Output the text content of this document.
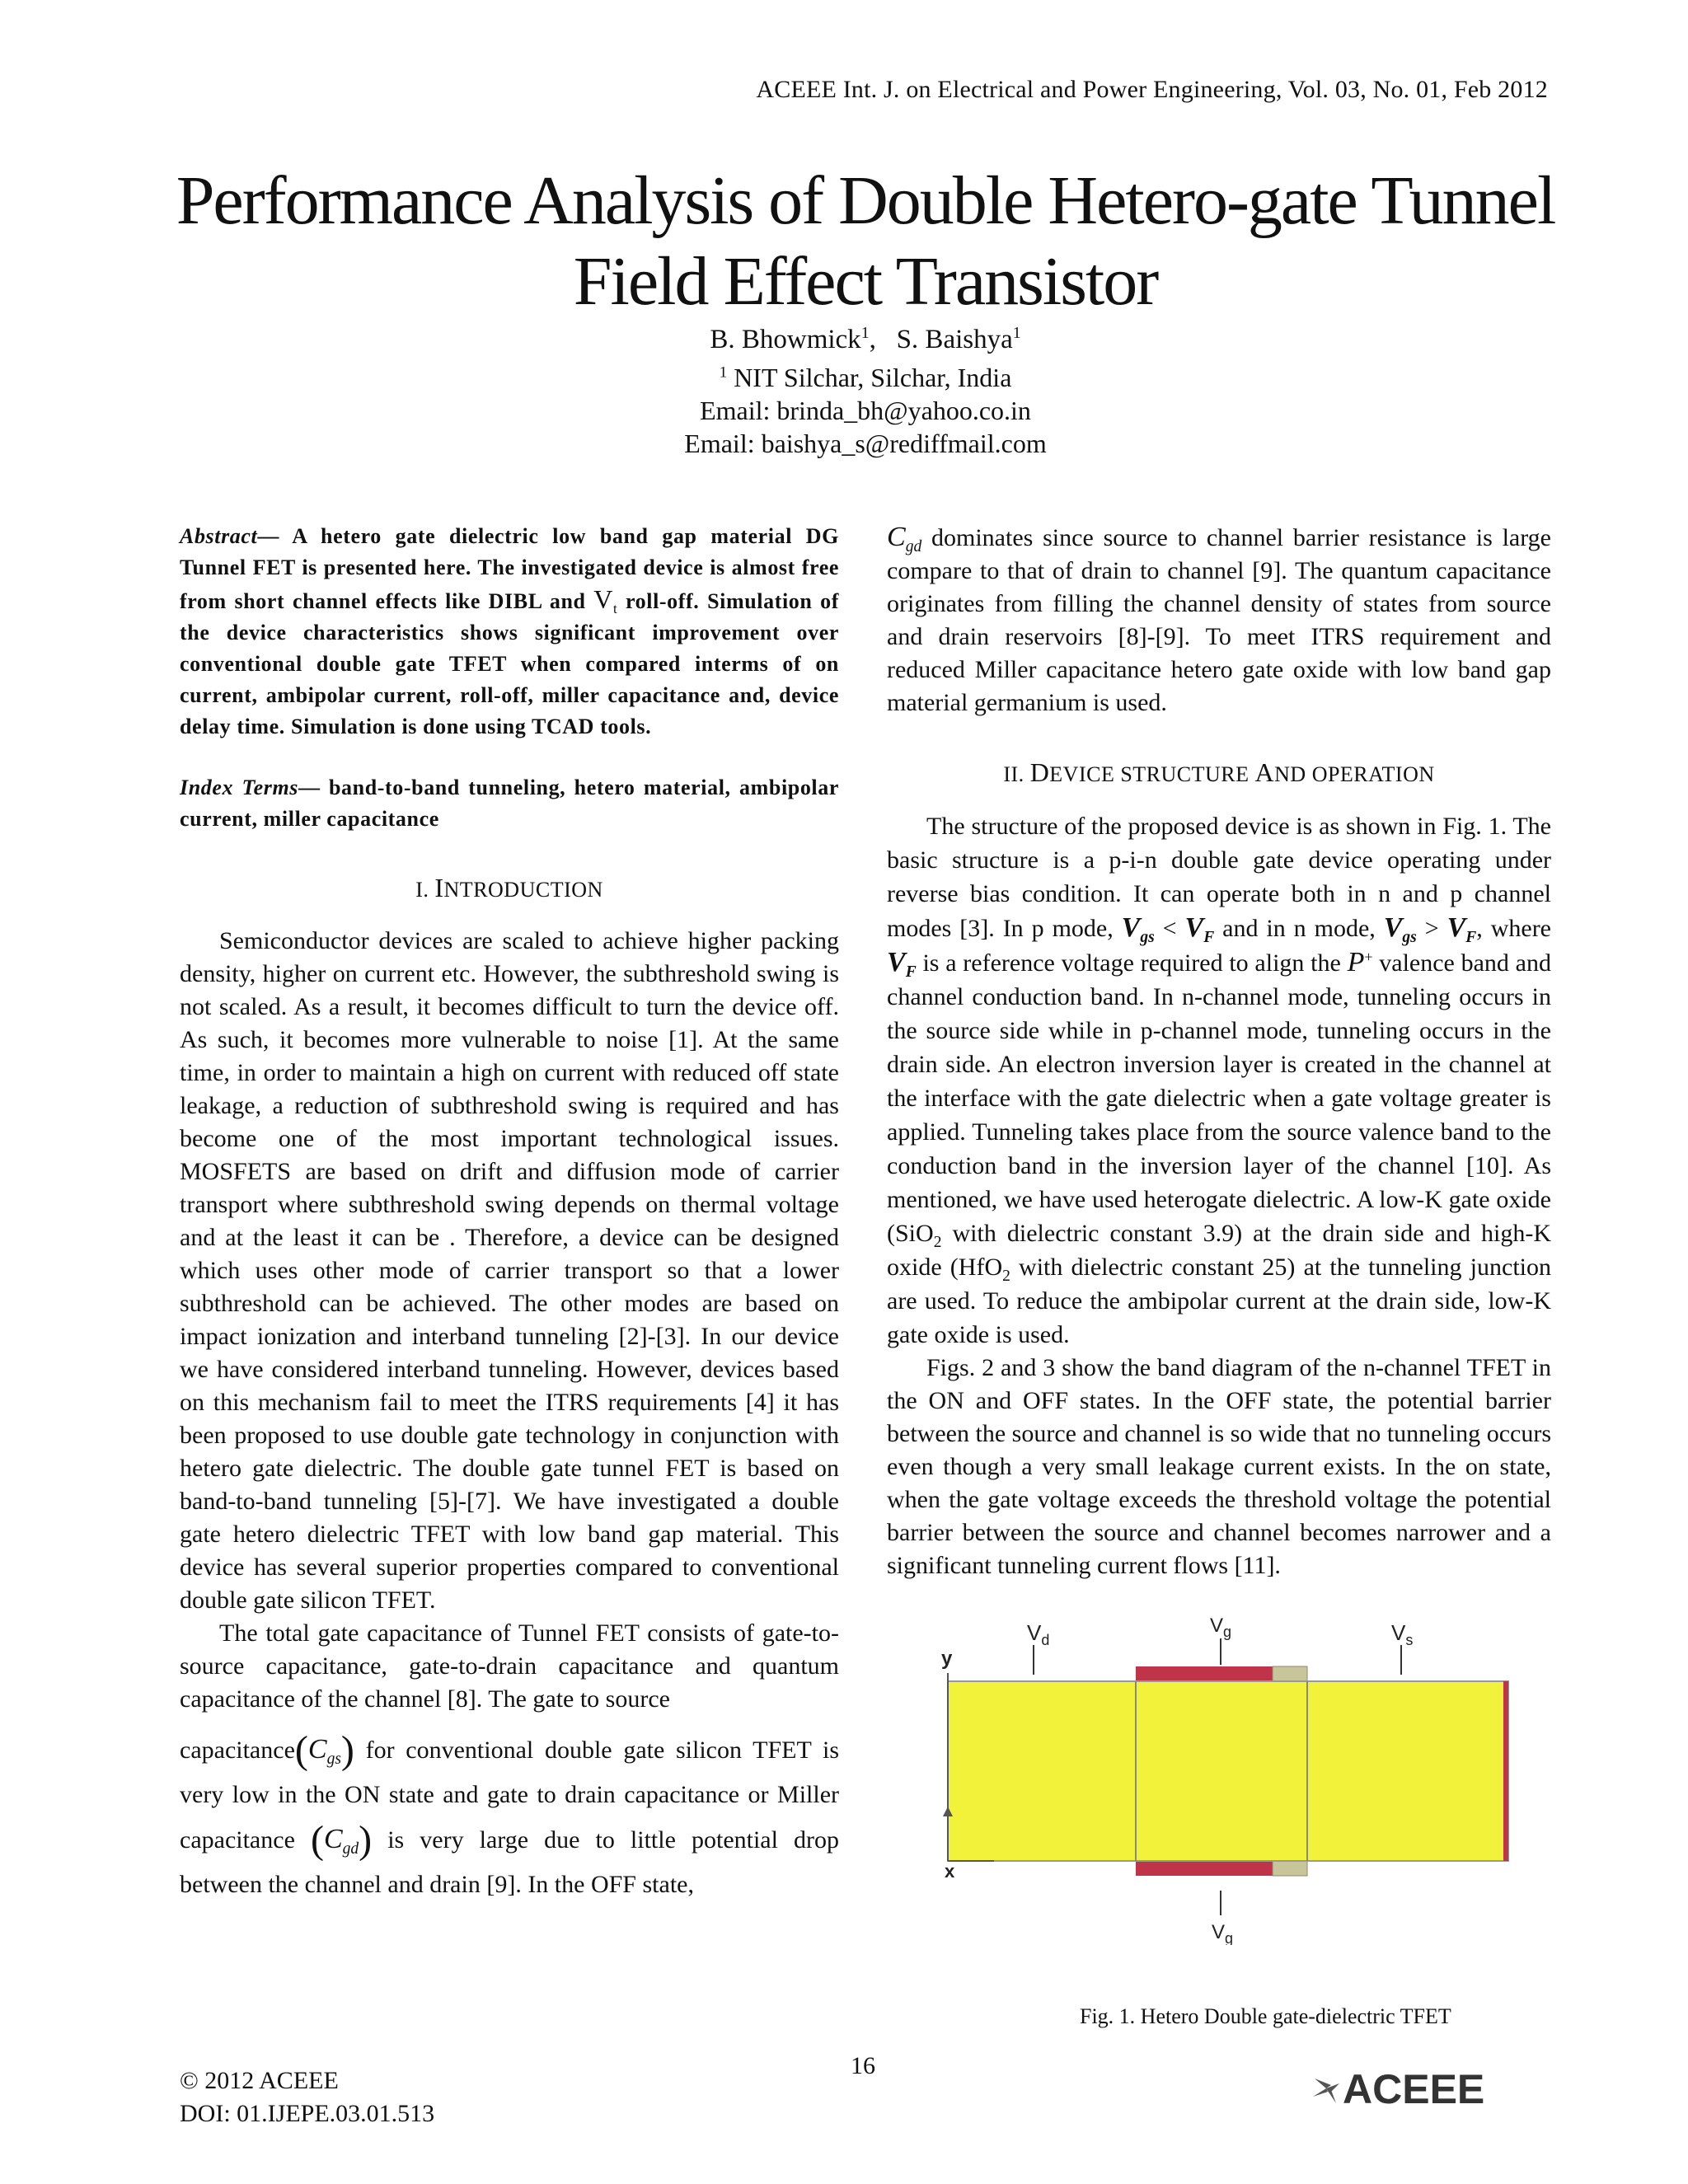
ACEEE Int. J. on Electrical and Power Engineering, Vol. 03, No. 01, Feb 2012
Performance Analysis of Double Hetero-gate Tunnel
Field Effect Transistor
B. Bhowmick$^1$,   S. Baishya$^1$
$^1$ NIT Silchar, Silchar, India
Email: brinda_bh@yahoo.co.in
Email: baishya_s@rediffmail.com

Abstract— A hetero gate dielectric low band gap material DG Tunnel FET is presented here. The investigated device is almost free from short channel effects like DIBL and $V_t$ roll-off. Simulation of the device characteristics shows significant improvement over conventional double gate TFET when compared interms of on current, ambipolar current, roll-off, miller capacitance and, device delay time. Simulation is done using TCAD tools.

Index Terms— band-to-band tunneling, hetero material, ambipolar current, miller capacitance

I. INTRODUCTION

Semiconductor devices are scaled to achieve higher packing density, higher on current etc. However, the subthreshold swing is not scaled. As a result, it becomes difficult to turn the device off. As such, it becomes more vulnerable to noise [1]. At the same time, in order to maintain a high on current with reduced off state leakage, a reduction of subthreshold swing is required and has become one of the most important technological issues. MOSFETS are based on drift and diffusion mode of carrier transport where subthreshold swing depends on thermal voltage and at the least it can be . Therefore, a device can be designed which uses other mode of carrier transport so that a lower subthreshold can be achieved. The other modes are based on impact ionization and interband tunneling [2]-[3]. In our device we have considered interband tunneling. However, devices based on this mechanism fail to meet the ITRS requirements [4] it has been proposed to use double gate technology in conjunction with hetero gate dielectric. The double gate tunnel FET is based on band-to-band tunneling [5]-[7]. We have investigated a double gate hetero dielectric TFET with low band gap material. This device has several superior properties compared to conventional double gate silicon TFET.

The total gate capacitance of Tunnel FET consists of gate-to-source capacitance, gate-to-drain capacitance and quantum capacitance of the channel [8]. The gate to source

$capacitance(C_{gs})$ for conventional double gate silicon TFET is very low in the ON state and gate to drain capacitance or Miller capacitance $(C_{gd})$ is very large due to little potential drop between the channel and drain [9]. In the OFF state,

$C_{gd}$ dominates since source to channel barrier resistance is large compare to that of drain to channel [9]. The quantum capacitance originates from filling the channel density of states from source and drain reservoirs [8]-[9]. To meet ITRS requirement and reduced Miller capacitance hetero gate oxide with low band gap material germanium is used.

II. DEVICE STRUCTURE AND OPERATION

The structure of the proposed device is as shown in Fig. 1. The basic structure is a p-i-n double gate device operating under reverse bias condition. It can operate both in n and p channel modes [3]. In p mode, $V_{gs} < V_F$ and in n mode, $V_{gs} > V_F$, where $V_F$ is a reference voltage required to align the P+ valence band and channel conduction band. In n-channel mode, tunneling occurs in the source side while in p-channel mode, tunneling occurs in the drain side. An electron inversion layer is created in the channel at the interface with the gate dielectric when a gate voltage greater is applied. Tunneling takes place from the source valence band to the conduction band in the inversion layer of the channel [10]. As mentioned, we have used heterogate dielectric. A low-K gate oxide (SiO$_2$ with dielectric constant 3.9) at the drain side and high-K oxide (HfO$_2$ with dielectric constant 25) at the tunneling junction are used. To reduce the ambipolar current at the drain side, low-K gate oxide is used.

Figs. 2 and 3 show the band diagram of the n-channel TFET in the ON and OFF states. In the OFF state, the potential barrier between the source and channel is so wide that no tunneling occurs even though a very small leakage current exists. In the on state, when the gate voltage exceeds the threshold voltage the potential barrier between the source and channel becomes narrower and a significant tunneling current flows [11].

$V_d$
$V_g$	$V_s$
y
x
$V_g$
Fig. 1. Hetero Double gate-dielectric TFET
© 2012 ACEEE
DOI: 01.IJEPE.03.01.513
16
ACEEE
